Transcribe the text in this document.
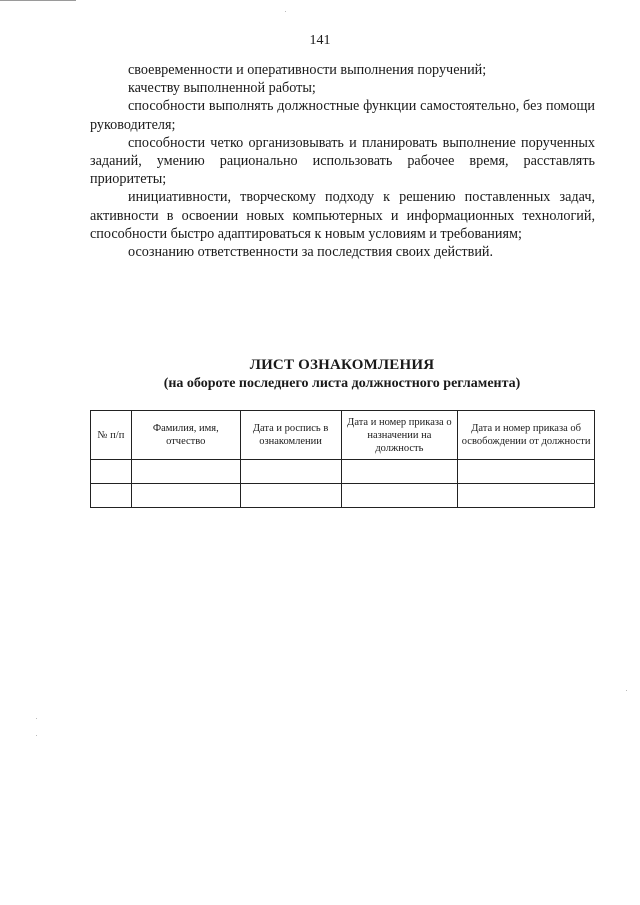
141

своевременности и оперативности выполнения поручений;

качеству выполненной работы;

способности выполнять должностные функции самостоятельно, без помощи руководителя;

способности четко организовывать и планировать выполнение порученных заданий, умению рационально использовать рабочее время, расставлять приоритеты;

инициативности, творческому подходу к решению поставленных задач, активности в освоении новых компьютерных и информационных технологий, способности быстро адаптироваться к новым условиям и требованиям;

осознанию ответственности за последствия своих действий.

ЛИСТ ОЗНАКОМЛЕНИЯ
(на обороте последнего листа должностного регламента)
№ п/п	Фамилия, имя, отчество	Дата и роспись в ознакомлении	Дата и номер приказа о назначении на должность	Дата и номер приказа об освобождении от должности
